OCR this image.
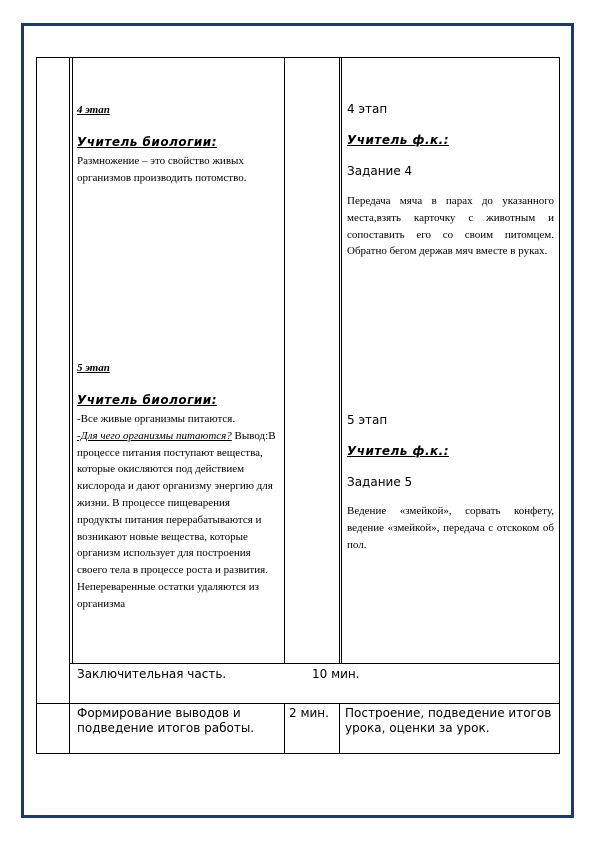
4 этап
Учитель биологии:
Размножение – это свойство живых организмов производить потомство.
5 этап
Учитель биологии:
-Все живые организмы питаются.
-Для чего организмы питаются? Вывод:В процессе питания поступают вещества, которые окисляются под действием кислорода и дают организму энергию для жизни. В процессе пищеварения продукты питания перерабатываются и возникают новые вещества, которые организм использует для построения своего тела в процессе роста и развития. Непереваренные остатки удаляются из организма
4 этап
Учитель ф.к.:
Задание 4
Передача мяча в парах до указанного места,взять карточку с животным и сопоставить его со своим питомцем. Обратно бегом держав мяч вместе в руках.
5 этап
Учитель ф.к.:
Задание 5
Ведение «змейкой», сорвать конфету, ведение «змейкой», передача с отскоком об пол.
Заключительная часть.	10 мин.
Формирование выводов и подведение итогов работы.
2 мин.	Построение, подведение итогов урока, оценки за урок.
